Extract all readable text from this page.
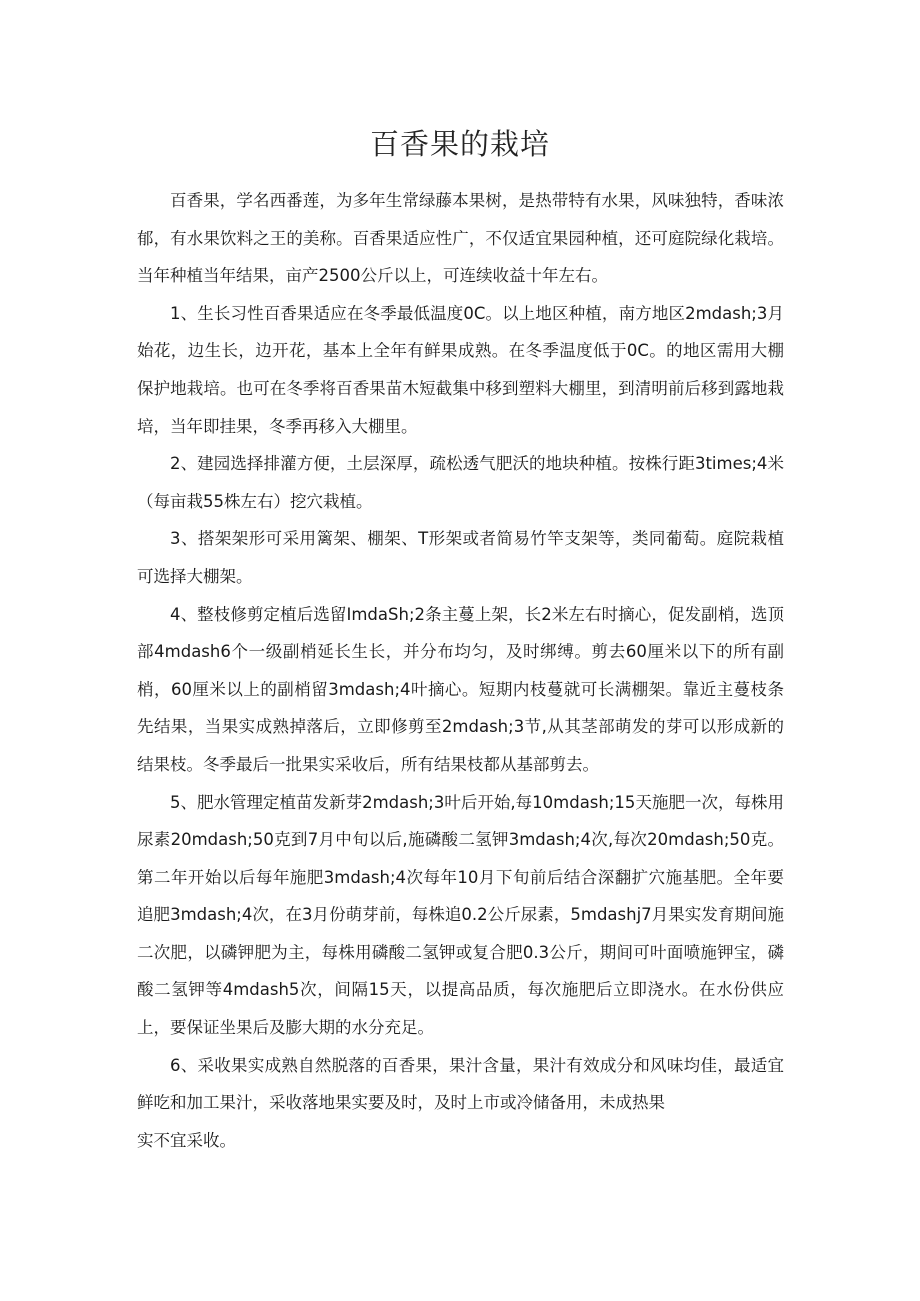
百香果的栽培

百香果，学名西番莲，为多年生常绿藤本果树，是热带特有水果，风味独特，香味浓郁，有水果饮料之王的美称。百香果适应性广，不仅适宜果园种植，还可庭院绿化栽培。当年种植当年结果，亩产2500公斤以上，可连续收益十年左右。

1、生长习性百香果适应在冬季最低温度0C。以上地区种植，南方地区2mdash;3月始花，边生长，边开花，基本上全年有鲜果成熟。在冬季温度低于0C。的地区需用大棚保护地栽培。也可在冬季将百香果苗木短截集中移到塑料大棚里，到清明前后移到露地栽培，当年即挂果，冬季再移入大棚里。

2、建园选择排灌方便，土层深厚，疏松透气肥沃的地块种植。按株行距3times;4米（每亩栽55株左右）挖穴栽植。

3、搭架架形可采用篱架、棚架、T形架或者简易竹竿支架等，类同葡萄。庭院栽植可选择大棚架。

4、整枝修剪定植后选留ImdaSh;2条主蔓上架，长2米左右时摘心，促发副梢，选顶部4mdash6个一级副梢延长生长，并分布均匀，及时绑缚。剪去60厘米以下的所有副梢，60厘米以上的副梢留3mdash;4叶摘心。短期内枝蔓就可长满棚架。靠近主蔓枝条先结果，当果实成熟掉落后，立即修剪至2mdash;3节,从其茎部萌发的芽可以形成新的结果枝。冬季最后一批果实采收后，所有结果枝都从基部剪去。

5、肥水管理定植苗发新芽2mdash;3叶后开始,每10mdash;15天施肥一次，每株用尿素20mdash;50克到7月中旬以后,施磷酸二氢钾3mdash;4次,每次20mdash;50克。第二年开始以后每年施肥3mdash;4次每年10月下旬前后结合深翻扩穴施基肥。全年要追肥3mdash;4次，在3月份萌芽前，每株追0.2公斤尿素，5mdashj7月果实发育期间施二次肥，以磷钾肥为主，每株用磷酸二氢钾或复合肥0.3公斤，期间可叶面喷施钾宝，磷酸二氢钾等4mdash5次，间隔15天，以提高品质，每次施肥后立即浇水。在水份供应上，要保证坐果后及膨大期的水分充足。

6、采收果实成熟自然脱落的百香果，果汁含量，果汁有效成分和风味均佳，最适宜鲜吃和加工果汁，采收落地果实要及时，及时上市或冷储备用，未成热果

实不宜采收。
